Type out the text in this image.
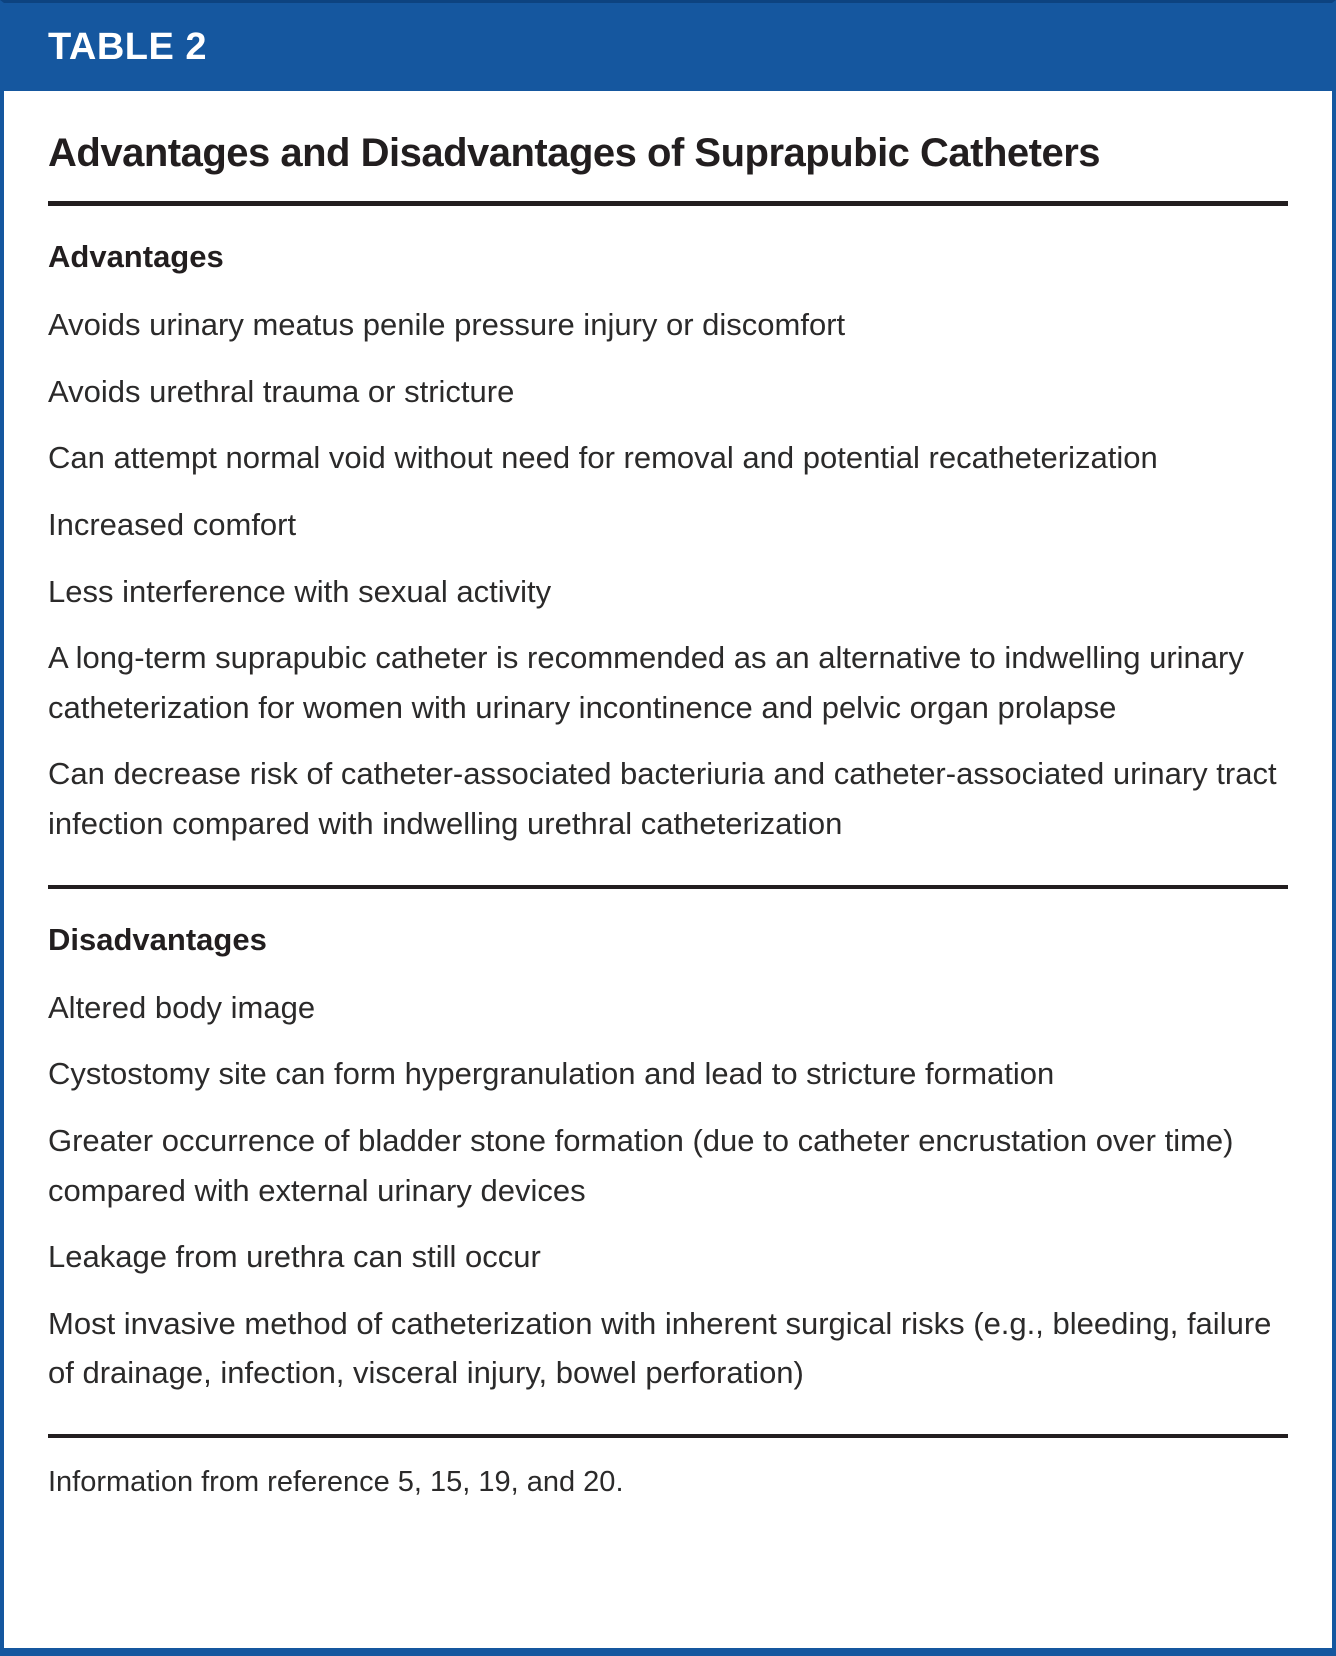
TABLE 2
Advantages and Disadvantages of Suprapubic Catheters
Advantages

Avoids urinary meatus penile pressure injury or discomfort

Avoids urethral trauma or stricture

Can attempt normal void without need for removal and potential recatheterization

Increased comfort

Less interference with sexual activity

A long-term suprapubic catheter is recommended as an alternative to indwelling urinary catheterization for women with urinary incontinence and pelvic organ prolapse

Can decrease risk of catheter-associated bacteriuria and catheter-associated urinary tract infection compared with indwelling urethral catheterization

Disadvantages

Altered body image

Cystostomy site can form hypergranulation and lead to stricture formation

Greater occurrence of bladder stone formation (due to catheter encrustation over time) compared with external urinary devices

Leakage from urethra can still occur

Most invasive method of catheterization with inherent surgical risks (e.g., bleeding, failure of drainage, infection, visceral injury, bowel perforation)

Information from reference 5, 15, 19, and 20.
